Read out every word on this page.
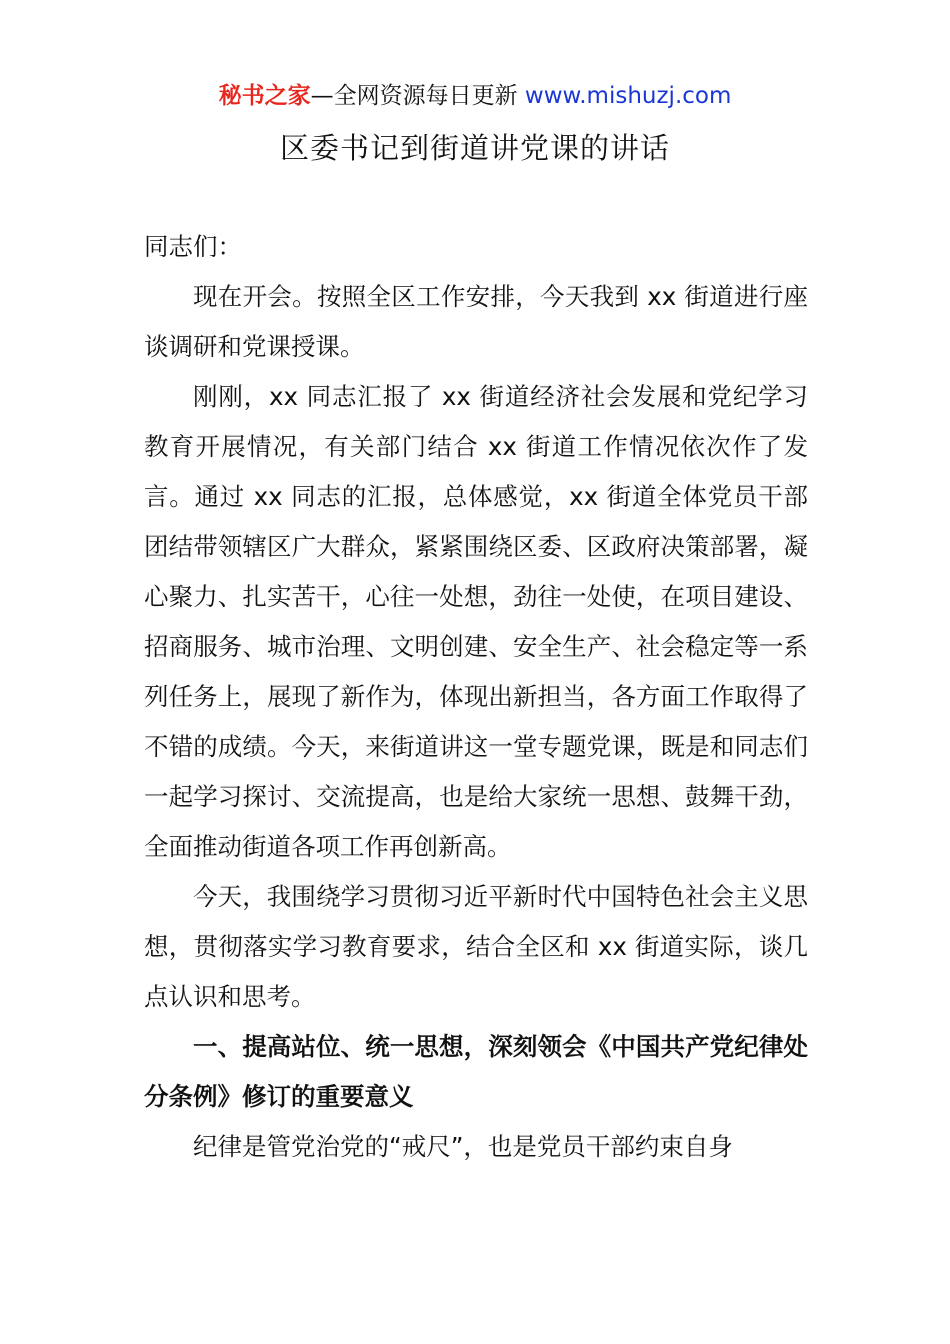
秘书之家—全网资源每日更新 www.mishuzj.com
区委书记到街道讲党课的讲话

同志们：

现在开会。按照全区工作安排，今天我到 xx 街道进行座谈调研和党课授课。

刚刚，xx 同志汇报了 xx 街道经济社会发展和党纪学习教育开展情况，有关部门结合 xx 街道工作情况依次作了发言。通过 xx 同志的汇报，总体感觉，xx 街道全体党员干部团结带领辖区广大群众，紧紧围绕区委、区政府决策部署，凝心聚力、扎实苦干，心往一处想，劲往一处使，在项目建设、招商服务、城市治理、文明创建、安全生产、社会稳定等一系列任务上，展现了新作为，体现出新担当，各方面工作取得了不错的成绩。今天，来街道讲这一堂专题党课，既是和同志们一起学习探讨、交流提高，也是给大家统一思想、鼓舞干劲，全面推动街道各项工作再创新高。

今天，我围绕学习贯彻习近平新时代中国特色社会主义思想，贯彻落实学习教育要求，结合全区和 xx 街道实际，谈几点认识和思考。

一、提高站位、统一思想，深刻领会《中国共产党纪律处分条例》修订的重要意义

纪律是管党治党的“戒尺”，也是党员干部约束自身
